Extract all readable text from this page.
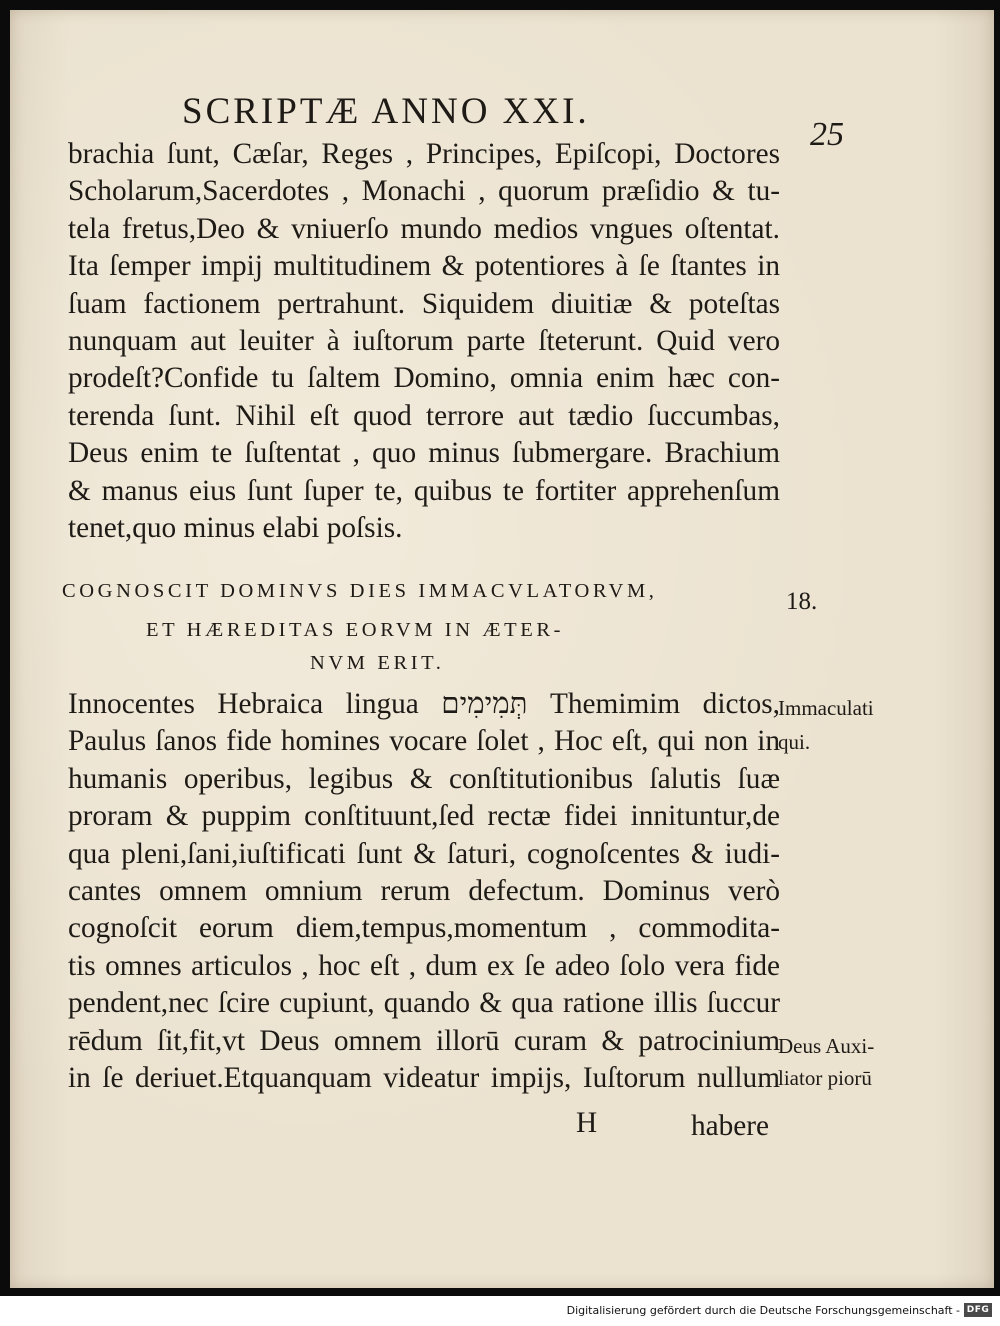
SCRIPTÆ ANNO XXI.
25
brachia ſunt, Cæſar, Reges , Principes, Epiſcopi, Doctores
Scholarum,Sacerdotes , Monachi , quorum præſidio & tu-
tela fretus,Deo & vniuerſo mundo medios vngues oſtentat.
Ita ſemper impij multitudinem & potentiores à ſe ſtantes in
ſuam factionem pertrahunt. Siquidem diuitiæ & poteſtas
nunquam aut leuiter à iuſtorum parte ſteterunt. Quid vero
prodeſt?Confide tu ſaltem Domino, omnia enim hæc con-
terenda ſunt. Nihil eſt quod terrore aut tædio ſuccumbas,
Deus enim te ſuſtentat , quo minus ſubmergare. Brachium
& manus eius ſunt ſuper te, quibus te fortiter apprehenſum
tenet,quo minus elabi poſsis.
COGNOSCIT DOMINVS DIES IMMACVLATORVM,
ET HÆREDITAS EORVM IN ÆTER-
NVM ERIT.
18.
Innocentes Hebraica lingua תְּמִימִים Themimim dictos,
Paulus ſanos fide homines vocare ſolet , Hoc eſt, qui non in
humanis operibus, legibus & conſtitutionibus ſalutis ſuæ
proram & puppim conſtituunt,ſed rectæ fidei innituntur,de
qua pleni,ſani,iuſtificati ſunt & ſaturi, cognoſcentes & iudi-
cantes omnem omnium rerum defectum. Dominus verò
cognoſcit eorum diem,tempus,momentum , commodita-
tis omnes articulos , hoc eſt , dum ex ſe adeo ſolo vera fide
pendent,nec ſcire cupiunt, quando & qua ratione illis ſuccur
rēdum ſit,fit,vt Deus omnem illorū curam & patrocinium
in ſe deriuet.Etquanquam videatur impijs, Iuſtorum nullum
Immaculati
qui.
Deus Auxi-
liator piorū
H	habere
Digitalisierung gefördert durch die Deutsche Forschungsgemeinschaft - DFG
